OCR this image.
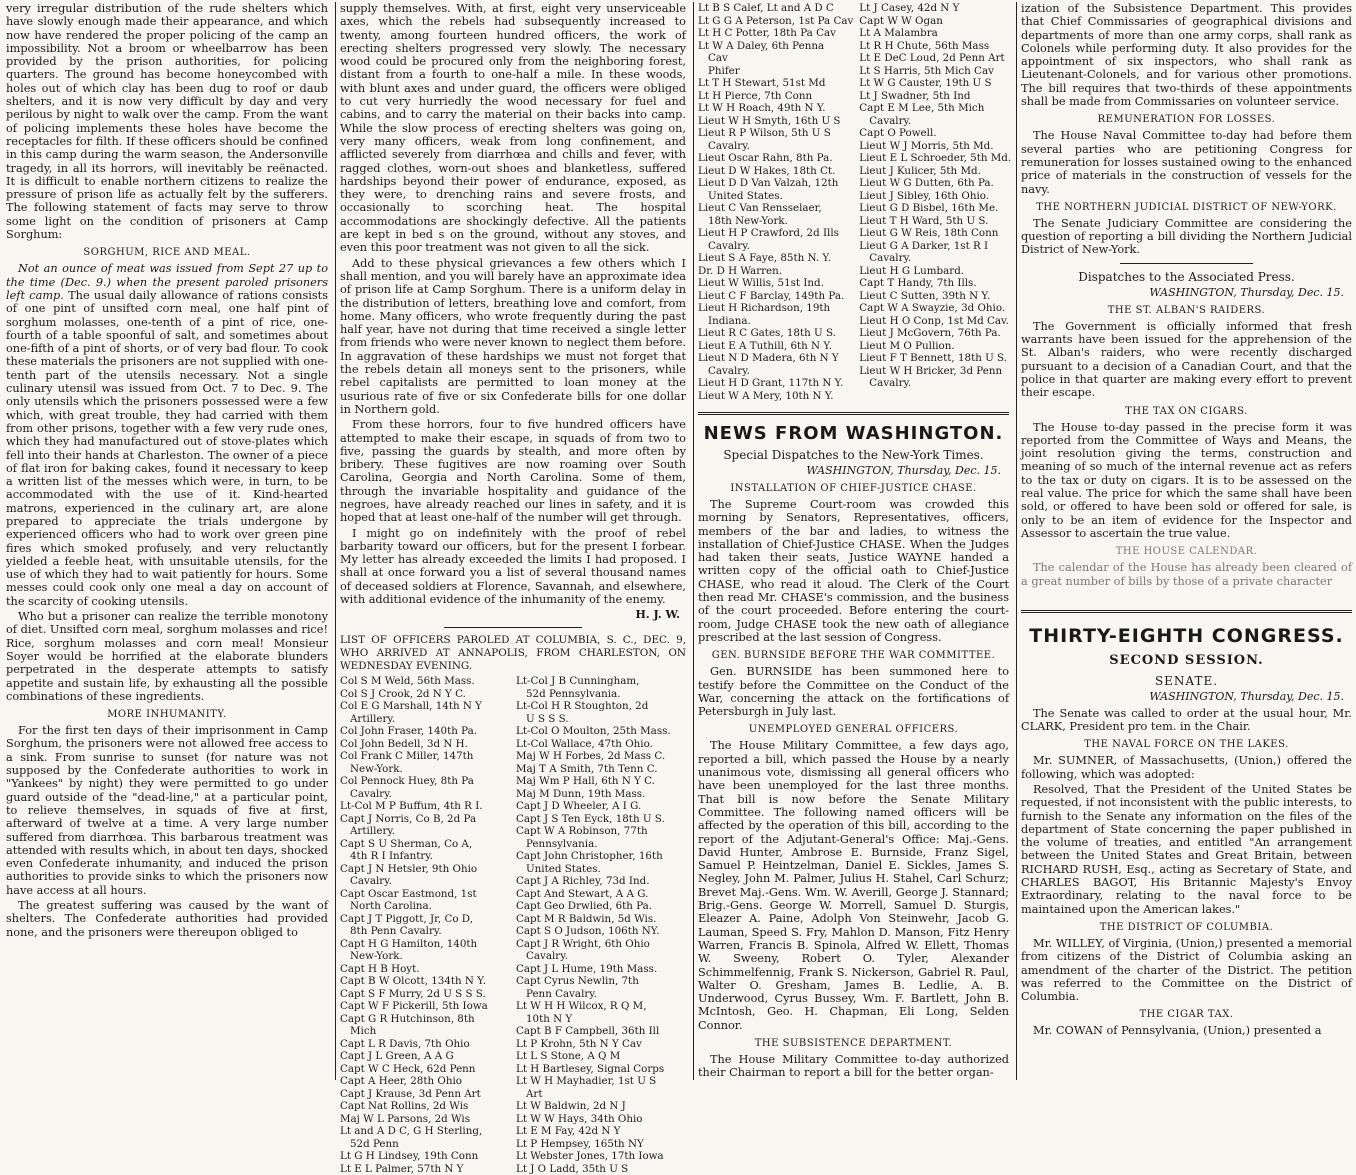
very irregular distribution of the rude shelters which have slowly enough made their appearance, and which now have rendered the proper policing of the camp an impossibility. Not a broom or wheelbarrow has been provided by the prison authorities, for policing quarters. The ground has become honeycombed with holes out of which clay has been dug to roof or daub shelters, and it is now very difficult by day and very perilous by night to walk over the camp. From the want of policing implements these holes have become the receptacles for filth. If these officers should be confined in this camp during the warm season, the Andersonville tragedy, in all its horrors, will inevitably be reënacted. It is difficult to enable northern citizens to realize the pressure of prison life as actually felt by the sufferers. The following statement of facts may serve to throw some light on the condition of prisoners at Camp Sorghum:

SORGHUM, RICE AND MEAL.

Not an ounce of meat was issued from Sept 27 up to the time (Dec. 9.) when the present paroled prisoners left camp. The usual daily allowance of rations consists of one pint of unsifted corn meal, one half pint of sorghum molasses, one-tenth of a pint of rice, one-fourth of a table spoonful of salt, and sometimes about one-fifth of a pint of shorts, or of very bad flour. To cook these materials the prisoners are not supplied with one-tenth part of the utensils necessary. Not a single culinary utensil was issued from Oct. 7 to Dec. 9. The only utensils which the prisoners possessed were a few which, with great trouble, they had carried with them from other prisons, together with a few very rude ones, which they had manufactured out of stove-plates which fell into their hands at Charleston. The owner of a piece of flat iron for baking cakes, found it necessary to keep a written list of the messes which were, in turn, to be accommodated with the use of it. Kind-hearted matrons, experienced in the culinary art, are alone prepared to appreciate the trials undergone by experienced officers who had to work over green pine fires which smoked profusely, and very reluctantly yielded a feeble heat, with unsuitable utensils, for the use of which they had to wait patiently for hours. Some messes could cook only one meal a day on account of the scarcity of cooking utensils.

Who but a prisoner can realize the terrible monotony of diet. Unsifted corn meal, sorghum molasses and rice! Rice, sorghum molasses and corn meal! Monsieur Soyer would be horrified at the elaborate blunders perpetrated in the desperate attempts to satisfy appetite and sustain life, by exhausting all the possible combinations of these ingredients.

MORE INHUMANITY.

For the first ten days of their imprisonment in Camp Sorghum, the prisoners were not allowed free access to a sink. From sunrise to sunset (for nature was not supposed by the Confederate authorities to work in "Yankees" by night) they were permitted to go under guard outside of the "dead-line," at a particular point, to relieve themselves, in squads of five at first, afterward of twelve at a time. A very large number suffered from diarrhœa. This barbarous treatment was attended with results which, in about ten days, shocked even Confederate inhumanity, and induced the prison authorities to provide sinks to which the prisoners now have access at all hours.

The greatest suffering was caused by the want of shelters. The Confederate authorities had provided none, and the prisoners were thereupon obliged to

supply themselves. With, at first, eight very unserviceable axes, which the rebels had subsequently increased to twenty, among fourteen hundred officers, the work of erecting shelters progressed very slowly. The necessary wood could be procured only from the neighboring forest, distant from a fourth to one-half a mile. In these woods, with blunt axes and under guard, the officers were obliged to cut very hurriedly the wood necessary for fuel and cabins, and to carry the material on their backs into camp. While the slow process of erecting shelters was going on, very many officers, weak from long confinement, and afflicted severely from diarrhœa and chills and fever, with ragged clothes, worn-out shoes and blanketless, suffered hardships beyond their power of endurance, exposed, as they were, to drenching rains and severe frosts, and occasionally to scorching heat. The hospital accommodations are shockingly defective. All the patients are kept in bed s on the ground, without any stoves, and even this poor treatment was not given to all the sick.

Add to these physical grievances a few others which I shall mention, and you will barely have an approximate idea of prison life at Camp Sorghum. There is a uniform delay in the distribution of letters, breathing love and comfort, from home. Many officers, who wrote frequently during the past half year, have not during that time received a single letter from friends who were never known to neglect them before. In aggravation of these hardships we must not forget that the rebels detain all moneys sent to the prisoners, while rebel capitalists are permitted to loan money at the usurious rate of five or six Confederate bills for one dollar in Northern gold.

From these horrors, four to five hundred officers have attempted to make their escape, in squads of from two to five, passing the guards by stealth, and more often by bribery. These fugitives are now roaming over South Carolina, Georgia and North Carolina. Some of them, through the invariable hospitality and guidance of the negroes, have already reached our lines in safety, and it is hoped that at least one-half of the number will get through.

I might go on indefinitely with the proof of rebel barbarity toward our officers, but for the present I forbear. My letter has already exceeded the limits I had proposed. I shall at once forward you a list of several thousand names of deceased soldiers at Florence, Savannah, and elsewhere, with additional evidence of the inhumanity of the enemy.

H. J. W.

LIST OF OFFICERS PAROLED AT COLUMBIA, S. C., DEC. 9, WHO ARRIVED AT ANNAPOLIS, FROM CHARLESTON, ON WEDNESDAY EVENING.

Col S M Weld, 56th Mass.
Col S J Crook, 2d N Y C.
Col E G Marshall, 14th N Y
Artillery.
Col John Fraser, 140th Pa.
Col John Bedell, 3d N H.
Col Frank C Miller, 147th
New-York.
Col Pennock Huey, 8th Pa
Cavalry.
Lt-Col M P Buffum, 4th R I.
Capt J Norris, Co B, 2d Pa
Artillery.
Capt S U Sherman, Co A,
4th R I Infantry.
Capt J N Hetsler, 9th Ohio
Cavalry.
Capt Oscar Eastmond, 1st
North Carolina.
Capt J T Piggott, Jr, Co D,
8th Penn Cavalry.
Capt H G Hamilton, 140th
New-York.
Capt H B Hoyt.
Capt B W Olcott, 134th N Y.
Capt S F Murry, 2d U S S S.
Capt W F Pickerill, 5th Iowa
Capt G R Hutchinson, 8th
Mich
Capt L R Davis, 7th Ohio
Capt J L Green, A A G
Capt W C Heck, 62d Penn
Capt A Heer, 28th Ohio
Capt J Krause, 3d Penn Art
Capt Nat Rollins, 2d Wis
Maj W L Parsons, 2d Wis
Lt and A D C, G H Sterling,
52d Penn
Lt G H Lindsey, 19th Conn
Lt E L Palmer, 57th N Y
Lt-Col J B Cunningham,
52d Pennsylvania.
Lt-Col H R Stoughton, 2d
U S S S.
Lt-Col O Moulton, 25th Mass.
Lt-Col Wallace, 47th Ohio.
Maj W H Forbes, 2d Mass C.
Maj T A Smith, 7th Tenn C.
Maj Wm P Hall, 6th N Y C.
Maj M Dunn, 19th Mass.
Capt J D Wheeler, A I G.
Capt J S Ten Eyck, 18th U S.
Capt W A Robinson, 77th
Pennsylvania.
Capt John Christopher, 16th
United States.
Capt J A Richley, 73d Ind.
Capt And Stewart, A A G.
Capt Geo Drwlied, 6th Pa.
Capt M R Baldwin, 5d Wis.
Capt S O Judson, 106th NY.
Capt J R Wright, 6th Ohio
Cavalry.
Capt J L Hume, 19th Mass.
Capt Cyrus Newlin, 7th
Penn Cavalry.
Lt W H H Wilcox, R Q M,
10th N Y
Capt B F Campbell, 36th Ill
Lt P Krohn, 5th N Y Cav
Lt L S Stone, A Q M
Lt H Bartlesey, Signal Corps
Lt W H Mayhadier, 1st U S
Art
Lt W Baldwin, 2d N J
Lt W W Hays, 34th Ohio
Lt E M Fay, 42d N Y
Lt P Hempsey, 165th NY
Lt Webster Jones, 17th Iowa
Lt J O Ladd, 35th U S
Lt B S Calef, Lt and A D C
Lt G G A Peterson, 1st Pa Cav
Lt H C Potter, 18th Pa Cav
Lt W A Daley, 6th Penna
Cav
Phifer
Lt T H Stewart, 51st Md
Lt H Pierce, 7th Conn
Lt W H Roach, 49th N Y.
Lieut W H Smyth, 16th U S
Lieut R P Wilson, 5th U S
Cavalry.
Lieut Oscar Rahn, 8th Pa.
Lieut D W Hakes, 18th Ct.
Lieut D D Van Valzah, 12th
United States.
Lieut C Van Rensselaer,
18th New-York.
Lieut H P Crawford, 2d Ills
Cavalry.
Lieut S A Faye, 85th N. Y.
Dr. D H Warren.
Lieut W Willis, 51st Ind.
Lieut C F Barclay, 149th Pa.
Lieut H Richardson, 19th
Indiana.
Lieut R C Gates, 18th U S.
Lieut E A Tuthill, 6th N Y.
Lieut N D Madera, 6th N Y
Cavalry.
Lieut H D Grant, 117th N Y.
Lieut W A Mery, 10th N Y.
Lt J Casey, 42d N Y
Capt W W Ogan
Lt A Malambra
Lt R H Chute, 56th Mass
Lt E DeC Loud, 2d Penn Art
Lt S Harris, 5th Mich Cav
Lt W G Causter, 19th U S
Lt J Swadner, 5th Ind
Capt E M Lee, 5th Mich
Cavalry.
Capt O Powell.
Lieut W J Morris, 5th Md.
Lieut E L Schroeder, 5th Md.
Lieut J Kulicer, 5th Md.
Lieut W G Dutten, 6th Pa.
Lieut J Sibley, 16th Ohio.
Lieut G D Bisbel, 16th Me.
Lieut T H Ward, 5th U S.
Lieut G W Reis, 18th Conn
Lieut G A Darker, 1st R I
Cavalry.
Lieut H G Lumbard.
Capt T Handy, 7th Ills.
Lieut C Sutten, 39th N Y.
Capt W A Swayzie, 3d Ohio.
Lieut H O Conp, 1st Md Cav.
Lieut J McGovern, 76th Pa.
Lieut M O Pullion.
Lieut F T Bennett, 18th U S.
Lieut W H Bricker, 3d Penn
Cavalry.
NEWS FROM WASHINGTON.
Special Dispatches to the New-York Times.
WASHINGTON, Thursday, Dec. 15.
INSTALLATION OF CHIEF-JUSTICE CHASE.

The Supreme Court-room was crowded this morning by Senators, Representatives, officers, members of the bar and ladies, to witness the installation of Chief-Justice CHASE. When the Judges had taken their seats, Justice WAYNE handed a written copy of the official oath to Chief-Justice CHASE, who read it aloud. The Clerk of the Court then read Mr. CHASE's commission, and the business of the court proceeded. Before entering the court-room, Judge CHASE took the new oath of allegiance prescribed at the last session of Congress.

GEN. BURNSIDE BEFORE THE WAR COMMITTEE.

Gen. BURNSIDE has been summoned here to testify before the Committee on the Conduct of the War, concerning the attack on the fortifications of Petersburgh in July last.

UNEMPLOYED GENERAL OFFICERS.

The House Military Committee, a few days ago, reported a bill, which passed the House by a nearly unanimous vote, dismissing all general officers who have been unemployed for the last three months. That bill is now before the Senate Military Committee. The following named officers will be affected by the operation of this bill, according to the report of the Adjutant-General's Office: Maj.-Gens. David Hunter, Ambrose E. Burnside, Franz Sigel, Samuel P. Heintzelman, Daniel E. Sickles, James S. Negley, John M. Palmer, Julius H. Stahel, Carl Schurz; Brevet Maj.-Gens. Wm. W. Averill, George J. Stannard; Brig.-Gens. George W. Morrell, Samuel D. Sturgis, Eleazer A. Paine, Adolph Von Steinwehr, Jacob G. Lauman, Speed S. Fry, Mahlon D. Manson, Fitz Henry Warren, Francis B. Spinola, Alfred W. Ellett, Thomas W. Sweeny, Robert O. Tyler, Alexander Schimmelfennig, Frank S. Nickerson, Gabriel R. Paul, Walter O. Gresham, James B. Ledlie, A. B. Underwood, Cyrus Bussey, Wm. F. Bartlett, John B. McIntosh, Geo. H. Chapman, Eli Long, Selden Connor.

THE SUBSISTENCE DEPARTMENT.

The House Military Committee to-day authorized their Chairman to report a bill for the better organ-

ization of the Subsistence Department. This provides that Chief Commissaries of geographical divisions and departments of more than one army corps, shall rank as Colonels while performing duty. It also provides for the appointment of six inspectors, who shall rank as Lieutenant-Colonels, and for various other promotions. The bill requires that two-thirds of these appointments shall be made from Commissaries on volunteer service.

REMUNERATION FOR LOSSES.

The House Naval Committee to-day had before them several parties who are petitioning Congress for remuneration for losses sustained owing to the enhanced price of materials in the construction of vessels for the navy.

THE NORTHERN JUDICIAL DISTRICT OF NEW-YORK.

The Senate Judiciary Committee are considering the question of reporting a bill dividing the Northern Judicial District of New-York.

Dispatches to the Associated Press.
WASHINGTON, Thursday, Dec. 15.
THE ST. ALBAN'S RAIDERS.

The Government is officially informed that fresh warrants have been issued for the apprehension of the St. Alban's raiders, who were recently discharged pursuant to a decision of a Canadian Court, and that the police in that quarter are making every effort to prevent their escape.

THE TAX ON CIGARS.

The House to-day passed in the precise form it was reported from the Committee of Ways and Means, the joint resolution giving the terms, construction and meaning of so much of the internal revenue act as refers to the tax or duty on cigars. It is to be assessed on the real value. The price for which the same shall have been sold, or offered to have been sold or offered for sale, is only to be an item of evidence for the Inspector and Assessor to ascertain the true value.

THE HOUSE CALENDAR.

The calendar of the House has already been cleared of a great number of bills by those of a private character

THIRTY-EIGHTH CONGRESS.
SECOND SESSION.
SENATE.
WASHINGTON, Thursday, Dec. 15.

The Senate was called to order at the usual hour, Mr. CLARK, President pro tem. in the Chair.

THE NAVAL FORCE ON THE LAKES.

Mr. SUMNER, of Massachusetts, (Union,) offered the following, which was adopted:

Resolved, That the President of the United States be requested, if not inconsistent with the public interests, to furnish to the Senate any information on the files of the department of State concerning the paper published in the volume of treaties, and entitled "An arrangement between the United States and Great Britain, between RICHARD RUSH, Esq., acting as Secretary of State, and CHARLES BAGOT, His Britannic Majesty's Envoy Extraordinary, relating to the naval force to be maintained upon the American lakes."

THE DISTRICT OF COLUMBIA.

Mr. WILLEY, of Virginia, (Union,) presented a memorial from citizens of the District of Columbia asking an amendment of the charter of the District. The petition was referred to the Committee on the District of Columbia.

THE CIGAR TAX.

Mr. COWAN of Pennsylvania, (Union,) presented a
